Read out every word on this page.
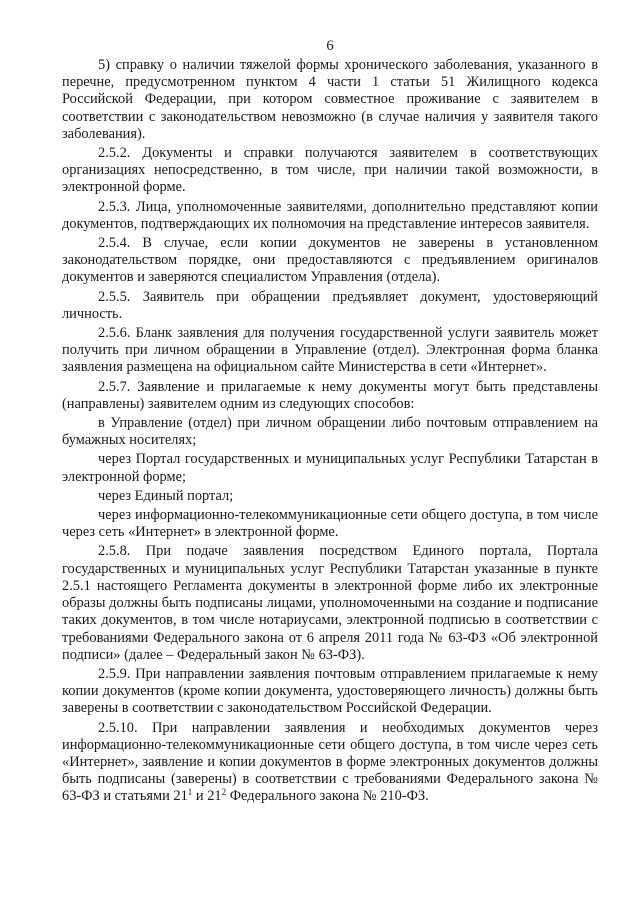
6

5) справку о наличии тяжелой формы хронического заболевания, указанного в перечне, предусмотренном пунктом 4 части 1 статьи 51 Жилищного кодекса Российской Федерации, при котором совместное проживание с заявителем в соответствии с законодательством невозможно (в случае наличия у заявителя такого заболевания).

2.5.2. Документы и справки получаются заявителем в соответствующих организациях непосредственно, в том числе, при наличии такой возможности, в электронной форме.

2.5.3. Лица, уполномоченные заявителями, дополнительно представляют копии документов, подтверждающих их полномочия на представление интересов заявителя.

2.5.4. В случае, если копии документов не заверены в установленном законодательством порядке, они предоставляются с предъявлением оригиналов документов и заверяются специалистом Управления (отдела).

2.5.5. Заявитель при обращении предъявляет документ, удостоверяющий личность.

2.5.6. Бланк заявления для получения государственной услуги заявитель может получить при личном обращении в Управление (отдел). Электронная форма бланка заявления размещена на официальном сайте Министерства в сети «Интернет».

2.5.7. Заявление и прилагаемые к нему документы могут быть представлены (направлены) заявителем одним из следующих способов:

в Управление (отдел) при личном обращении либо почтовым отправлением на бумажных носителях;

через Портал государственных и муниципальных услуг Республики Татарстан в электронной форме;

через Единый портал;

через информационно-телекоммуникационные сети общего доступа, в том числе через сеть «Интернет» в электронной форме.

2.5.8. При подаче заявления посредством Единого портала, Портала государственных и муниципальных услуг Республики Татарстан указанные в пункте 2.5.1 настоящего Регламента документы в электронной форме либо их электронные образы должны быть подписаны лицами, уполномоченными на создание и подписание таких документов, в том числе нотариусами, электронной подписью в соответствии с требованиями Федерального закона от 6 апреля 2011 года № 63-ФЗ «Об электронной подписи» (далее – Федеральный закон № 63-ФЗ).

2.5.9. При направлении заявления почтовым отправлением прилагаемые к нему копии документов (кроме копии документа, удостоверяющего личность) должны быть заверены в соответствии с законодательством Российской Федерации.

2.5.10. При направлении заявления и необходимых документов через информационно-телекоммуникационные сети общего доступа, в том числе через сеть «Интернет», заявление и копии документов в форме электронных документов должны быть подписаны (заверены) в соответствии с требованиями Федерального закона № 63-ФЗ и статьями $21^1$ и $21^2$ Федерального закона № 210-ФЗ.
